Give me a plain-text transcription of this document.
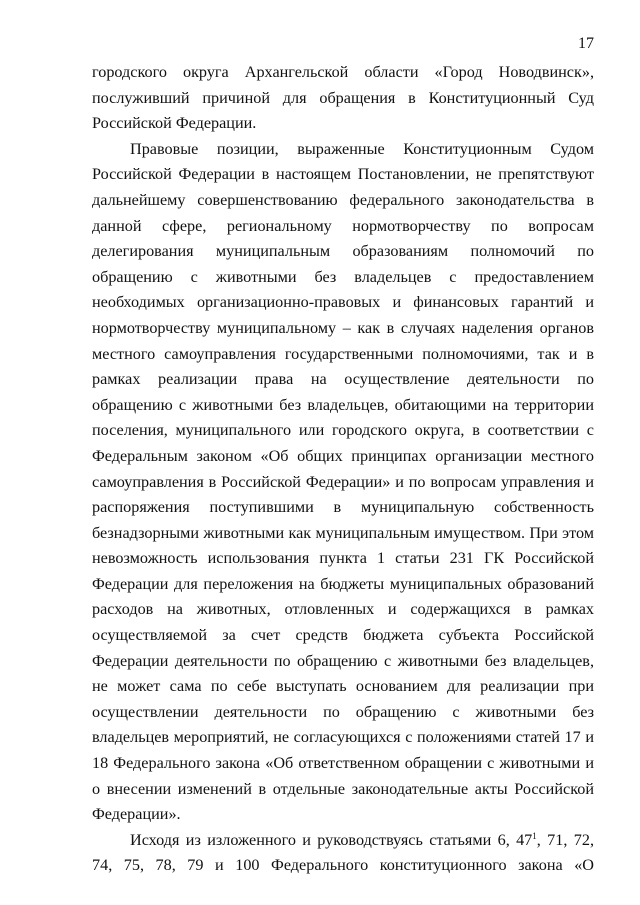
17

городского округа Архангельской области «Город Новодвинск», послуживший причиной для обращения в Конституционный Суд Российской Федерации.

Правовые позиции, выраженные Конституционным Судом Российской Федерации в настоящем Постановлении, не препятствуют дальнейшему совершенствованию федерального законодательства в данной сфере, региональному нормотворчеству по вопросам делегирования муниципальным образованиям полномочий по обращению с животными без владельцев с предоставлением необходимых организационно-правовых и финансовых гарантий и нормотворчеству муниципальному – как в случаях наделения органов местного самоуправления государственными полномочиями, так и в рамках реализации права на осуществление деятельности по обращению с животными без владельцев, обитающими на территории поселения, муниципального или городского округа, в соответствии с Федеральным законом «Об общих принципах организации местного самоуправления в Российской Федерации» и по вопросам управления и распоряжения поступившими в муниципальную собственность безнадзорными животными как муниципальным имуществом. При этом невозможность использования пункта 1 статьи 231 ГК Российской Федерации для переложения на бюджеты муниципальных образований расходов на животных, отловленных и содержащихся в рамках осуществляемой за счет средств бюджета субъекта Российской Федерации деятельности по обращению с животными без владельцев, не может сама по себе выступать основанием для реализации при осуществлении деятельности по обращению с животными без владельцев мероприятий, не согласующихся с положениями статей 17 и 18 Федерального закона «Об ответственном обращении с животными и о внесении изменений в отдельные законодательные акты Российской Федерации».

Исходя из изложенного и руководствуясь статьями 6, $47^1$, 71, 72, 74, 75, 78, 79 и 100 Федерального конституционного закона «О
